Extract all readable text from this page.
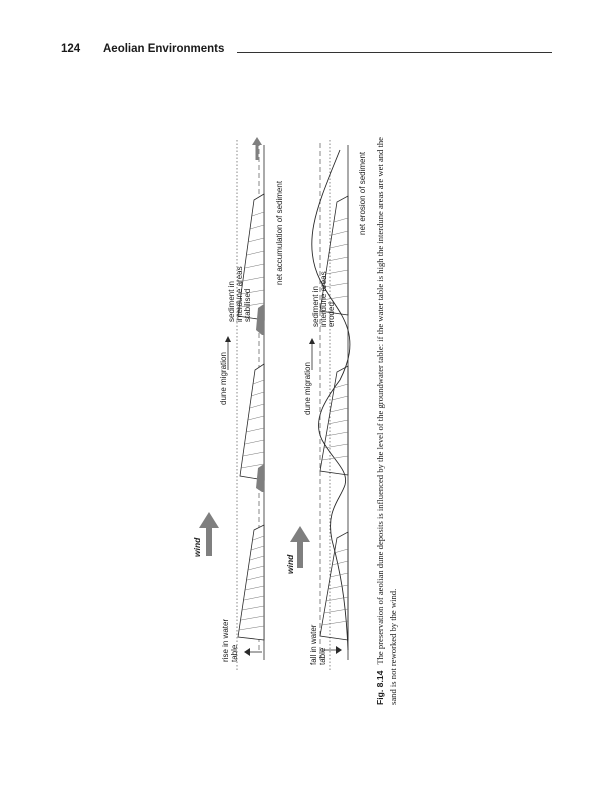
124 Aeolian Environments
rise in water table
dune migration
sediment in interdune areas stabilised
net accumulation of sediment
wind
wind
fall in water table
dune migration
sediment in interdune areas eroded
net erosion of sediment
Fig. 8.14 The preservation of aeolian dune deposits is influenced by the level of the groundwater table: if the water table is high the interdune areas are wet and the sand is not reworked by the wind.
